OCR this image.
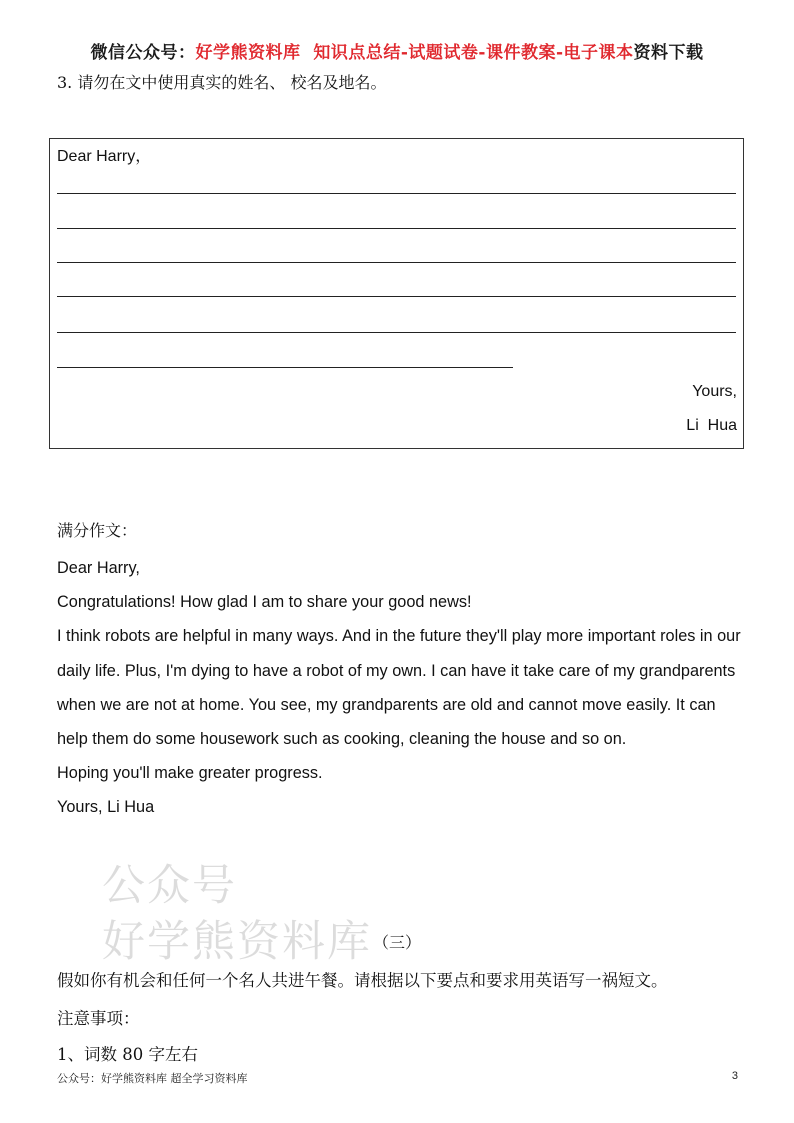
微信公众号：好学熊资料库 知识点总结-试题试卷-课件教案-电子课本资料下载
3. 请勿在文中使用真实的姓名、 校名及地名。
Dear Harry，
Yours,
Li  Hua
满分作文：

Dear Harry,

Congratulations! How glad I am to share your good news!

I think robots are helpful in many ways. And in the future they'll play more important roles in our daily life. Plus, I'm dying to have a robot of my own. I can have it take care of my grandparents when we are not at home. You see, my grandparents are old and cannot move easily. It can help them do some housework such as cooking, cleaning the house and so on.

Hoping you'll make greater progress.

Yours, Li Hua

公众号
好学熊资料库 （三）
假如你有机会和任何一个名人共进午餐。请根据以下要点和要求用英语写一祸短文。
注意事项：
1、词数 80 字左右
公众号：好学熊资料库 超全学习资料库	3
